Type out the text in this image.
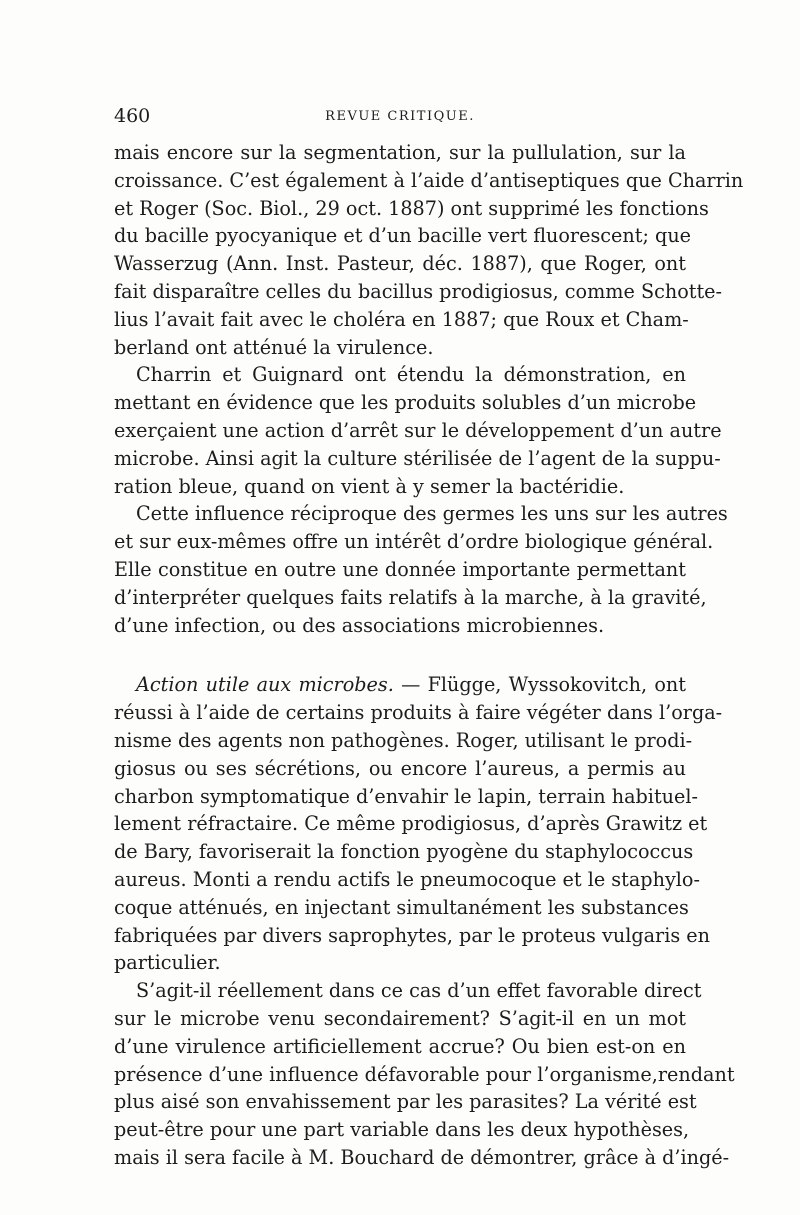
460	REVUE CRITIQUE.
mais encore sur la segmentation, sur la pullulation, sur la
croissance. C’est également à l’aide d’antiseptiques que Charrin
et Roger (Soc. Biol., 29 oct. 1887) ont supprimé les fonctions
du bacille pyocyanique et d’un bacille vert fluorescent; que
Wasserzug (Ann. Inst. Pasteur, déc. 1887), que Roger, ont
fait disparaître celles du bacillus prodigiosus, comme Schotte-
lius l’avait fait avec le choléra en 1887; que Roux et Cham-
berland ont atténué la virulence.
Charrin et Guignard ont étendu la démonstration, en
mettant en évidence que les produits solubles d’un microbe
exerçaient une action d’arrêt sur le développement d’un autre
microbe. Ainsi agit la culture stérilisée de l’agent de la suppu-
ration bleue, quand on vient à y semer la bactéridie.
Cette influence réciproque des germes les uns sur les autres
et sur eux-mêmes offre un intérêt d’ordre biologique général.
Elle constitue en outre une donnée importante permettant
d’interpréter quelques faits relatifs à la marche, à la gravité,
d’une infection, ou des associations microbiennes.
Action utile aux microbes. — Flügge, Wyssokovitch, ont
réussi à l’aide de certains produits à faire végéter dans l’orga-
nisme des agents non pathogènes. Roger, utilisant le prodi-
giosus ou ses sécrétions, ou encore l’aureus, a permis au
charbon symptomatique d’envahir le lapin, terrain habituel-
lement réfractaire. Ce même prodigiosus, d’après Grawitz et
de Bary, favoriserait la fonction pyogène du staphylococcus
aureus. Monti a rendu actifs le pneumocoque et le staphylo-
coque atténués, en injectant simultanément les substances
fabriquées par divers saprophytes, par le proteus vulgaris en
particulier.
S’agit-il réellement dans ce cas d’un effet favorable direct
sur le microbe venu secondairement? S’agit-il en un mot
d’une virulence artificiellement accrue? Ou bien est-on en
présence d’une influence défavorable pour l’organisme,rendant
plus aisé son envahissement par les parasites? La vérité est
peut-être pour une part variable dans les deux hypothèses,
mais il sera facile à M. Bouchard de démontrer, grâce à d’ingé-
